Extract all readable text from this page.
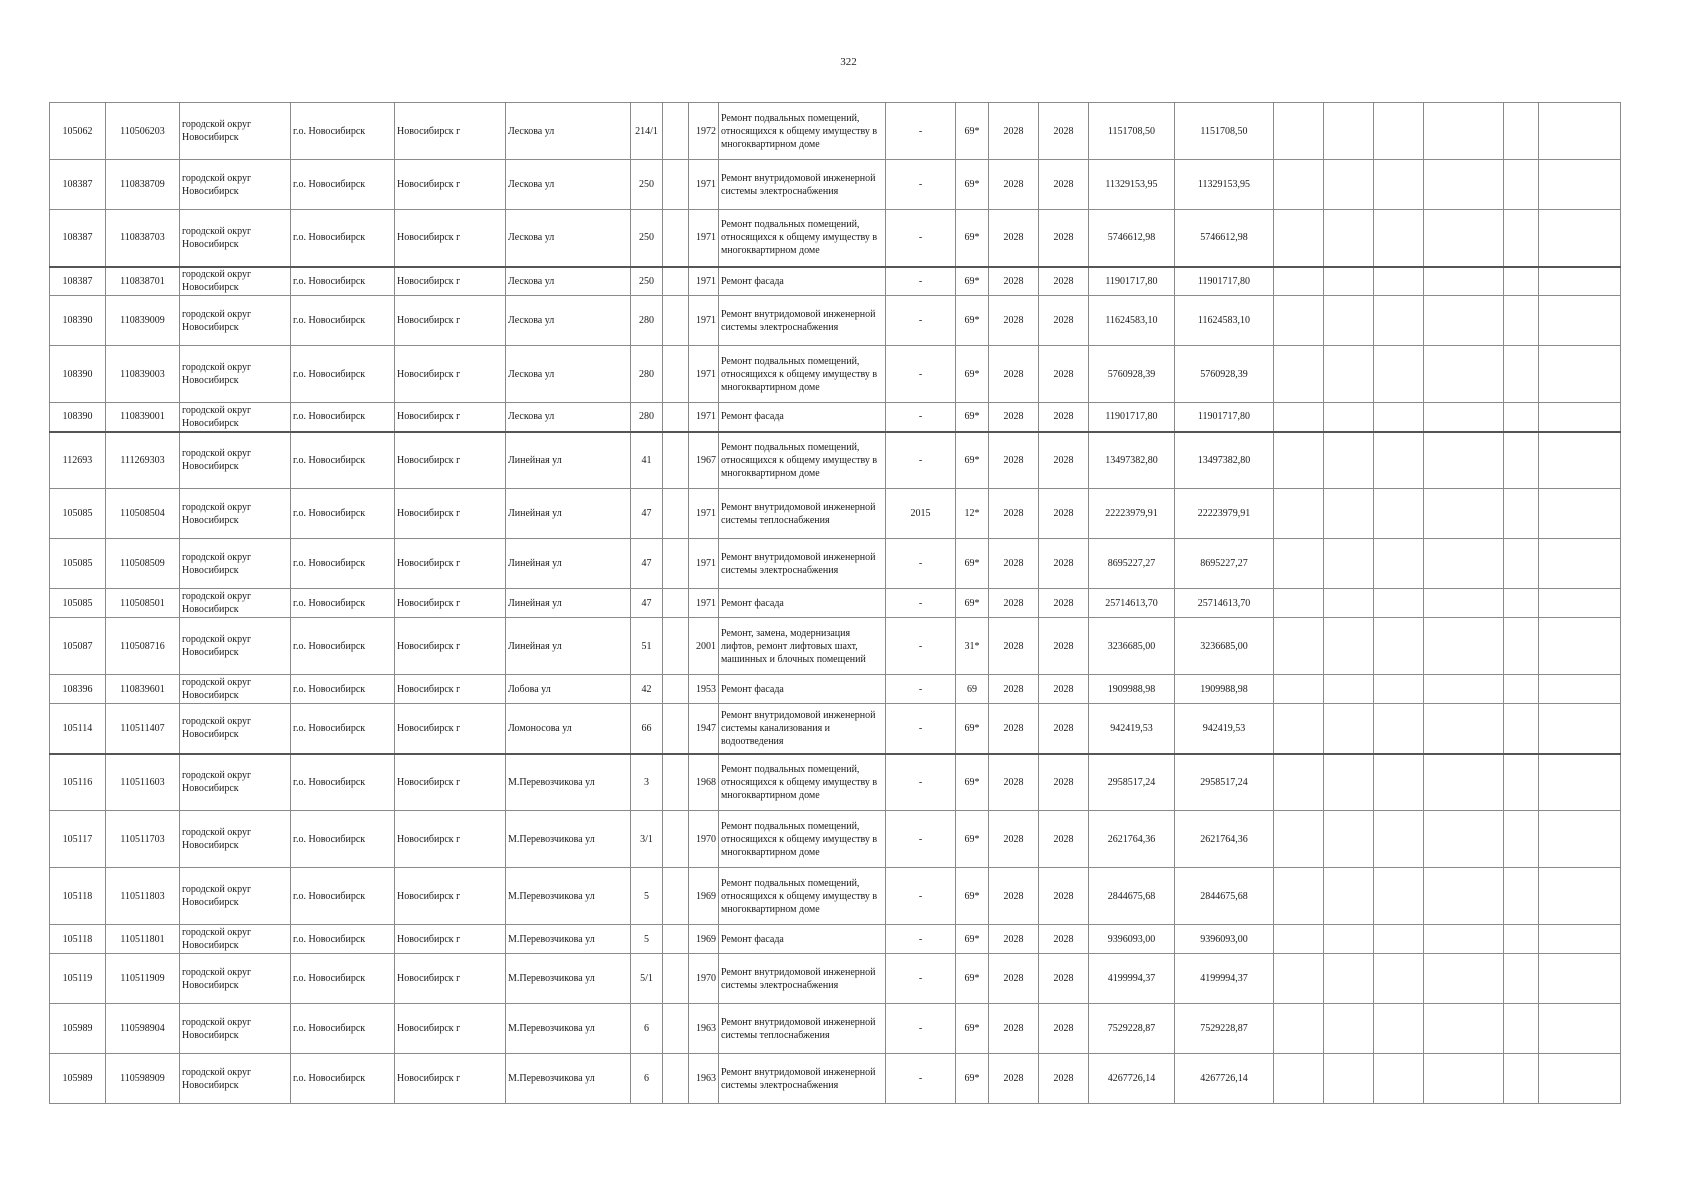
322
105062	110506203	городской округ Новосибирск	г.о. Новосибирск	Новосибирск г	Лескова ул	214/1		1972	Ремонт подвальных помещений, относящихся к общему имуществу в многоквартирном доме	-	69*	2028	2028	1151708,50	1151708,50						
108387	110838709	городской округ Новосибирск	г.о. Новосибирск	Новосибирск г	Лескова ул	250		1971	Ремонт внутридомовой инженерной системы электроснабжения	-	69*	2028	2028	11329153,95	11329153,95						
108387	110838703	городской округ Новосибирск	г.о. Новосибирск	Новосибирск г	Лескова ул	250		1971	Ремонт подвальных помещений, относящихся к общему имуществу в многоквартирном доме	-	69*	2028	2028	5746612,98	5746612,98						
108387	110838701	городской округ Новосибирск	г.о. Новосибирск	Новосибирск г	Лескова ул	250		1971	Ремонт фасада	-	69*	2028	2028	11901717,80	11901717,80						
108390	110839009	городской округ Новосибирск	г.о. Новосибирск	Новосибирск г	Лескова ул	280		1971	Ремонт внутридомовой инженерной системы электроснабжения	-	69*	2028	2028	11624583,10	11624583,10						
108390	110839003	городской округ Новосибирск	г.о. Новосибирск	Новосибирск г	Лескова ул	280		1971	Ремонт подвальных помещений, относящихся к общему имуществу в многоквартирном доме	-	69*	2028	2028	5760928,39	5760928,39						
108390	110839001	городской округ Новосибирск	г.о. Новосибирск	Новосибирск г	Лескова ул	280		1971	Ремонт фасада	-	69*	2028	2028	11901717,80	11901717,80						
112693	111269303	городской округ Новосибирск	г.о. Новосибирск	Новосибирск г	Линейная ул	41		1967	Ремонт подвальных помещений, относящихся к общему имуществу в многоквартирном доме	-	69*	2028	2028	13497382,80	13497382,80						
105085	110508504	городской округ Новосибирск	г.о. Новосибирск	Новосибирск г	Линейная ул	47		1971	Ремонт внутридомовой инженерной системы теплоснабжения	2015	12*	2028	2028	22223979,91	22223979,91						
105085	110508509	городской округ Новосибирск	г.о. Новосибирск	Новосибирск г	Линейная ул	47		1971	Ремонт внутридомовой инженерной системы электроснабжения	-	69*	2028	2028	8695227,27	8695227,27						
105085	110508501	городской округ Новосибирск	г.о. Новосибирск	Новосибирск г	Линейная ул	47		1971	Ремонт фасада	-	69*	2028	2028	25714613,70	25714613,70						
105087	110508716	городской округ Новосибирск	г.о. Новосибирск	Новосибирск г	Линейная ул	51		2001	Ремонт, замена, модернизация лифтов, ремонт лифтовых шахт, машинных и блочных помещений	-	31*	2028	2028	3236685,00	3236685,00						
108396	110839601	городской округ Новосибирск	г.о. Новосибирск	Новосибирск г	Лобова ул	42		1953	Ремонт фасада	-	69	2028	2028	1909988,98	1909988,98						
105114	110511407	городской округ Новосибирск	г.о. Новосибирск	Новосибирск г	Ломоносова ул	66		1947	Ремонт внутридомовой инженерной системы канализования и водоотведения	-	69*	2028	2028	942419,53	942419,53						
105116	110511603	городской округ Новосибирск	г.о. Новосибирск	Новосибирск г	М.Перевозчикова ул	3		1968	Ремонт подвальных помещений, относящихся к общему имуществу в многоквартирном доме	-	69*	2028	2028	2958517,24	2958517,24						
105117	110511703	городской округ Новосибирск	г.о. Новосибирск	Новосибирск г	М.Перевозчикова ул	3/1		1970	Ремонт подвальных помещений, относящихся к общему имуществу в многоквартирном доме	-	69*	2028	2028	2621764,36	2621764,36						
105118	110511803	городской округ Новосибирск	г.о. Новосибирск	Новосибирск г	М.Перевозчикова ул	5		1969	Ремонт подвальных помещений, относящихся к общему имуществу в многоквартирном доме	-	69*	2028	2028	2844675,68	2844675,68						
105118	110511801	городской округ Новосибирск	г.о. Новосибирск	Новосибирск г	М.Перевозчикова ул	5		1969	Ремонт фасада	-	69*	2028	2028	9396093,00	9396093,00						
105119	110511909	городской округ Новосибирск	г.о. Новосибирск	Новосибирск г	М.Перевозчикова ул	5/1		1970	Ремонт внутридомовой инженерной системы электроснабжения	-	69*	2028	2028	4199994,37	4199994,37						
105989	110598904	городской округ Новосибирск	г.о. Новосибирск	Новосибирск г	М.Перевозчикова ул	6		1963	Ремонт внутридомовой инженерной системы теплоснабжения	-	69*	2028	2028	7529228,87	7529228,87						
105989	110598909	городской округ Новосибирск	г.о. Новосибирск	Новосибирск г	М.Перевозчикова ул	6		1963	Ремонт внутридомовой инженерной системы электроснабжения	-	69*	2028	2028	4267726,14	4267726,14						
